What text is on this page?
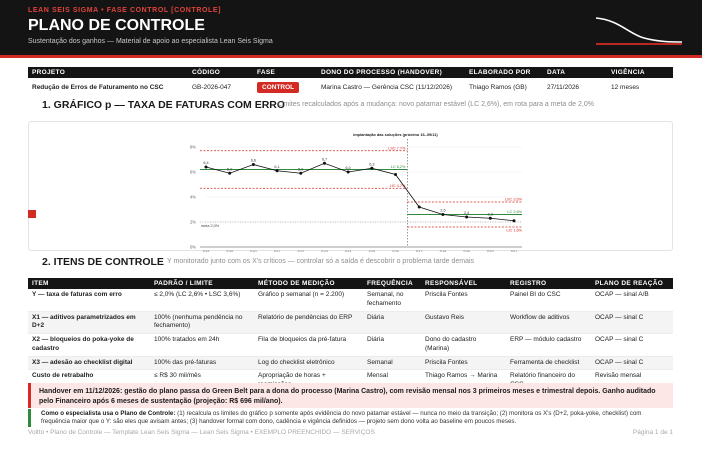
LEAN SEIS SIGMA • FASE CONTROL [CONTROLE]
PLANO DE CONTROLE
Sustentação dos ganhos — Material de apoio ao especialista Lean Seis Sigma
PROJETO	CÓDIGO	FASE	DONO DO PROCESSO (HANDOVER)	ELABORADO POR	DATA	VIGÊNCIA
Redução de Erros de Faturamento no CSC	GB-2026-047	CONTROL	Marina Castro — Gerência CSC (11/12/2026)	Thiago Ramos (GB)	27/11/2026	12 meses
1. GRÁFICO p — TAXA DE FATURAS COM ERRO
Limites recalculados após a mudança: novo patamar estável (LC 2,6%), em rota para a meta de 2,0%
8%
6%
4%
2%
0%
LSC 7,7%
LC 6,2%
LIC 4,7%
LSC 3,6%
LC 2,6%
LIC 1,6%
meta 2,0%
implantação das soluções (próximo 16–09/11)
6,4
S38
5,9
S39
6,6
S40
6,1
S41
5,9
S42
6,7
S43
6,0
S44
6,3
S45	S46	S47
2,6
S48
2,4
S49
2,3
S50	S51
2. ITENS DE CONTROLE Y monitorado junto com os X's críticos — controlar só a saída é descobrir o problema tarde demais
ITEM	PADRÃO / LIMITE	MÉTODO DE MEDIÇÃO	FREQUÊNCIA	RESPONSÁVEL	REGISTRO	PLANO DE REAÇÃO
Y — taxa de faturas com erro	≤ 2,0% (LC 2,6% • LSC 3,6%)	Gráfico p semanal (n = 2.200)	Semanal, no fechamento	Priscila Fontes	Painel BI do CSC	OCAP — sinal A/B
X1 — aditivos parametrizados em D+2	100% (nenhuma pendência no fechamento)	Relatório de pendências do ERP	Diária	Gustavo Reis	Workflow de aditivos	OCAP — sinal C
X2 — bloqueios do poka-yoke de cadastro	100% tratados em 24h	Fila de bloqueios da pré-fatura	Diária	Dono do cadastro (Marina)	ERP — módulo cadastro	OCAP — sinal C
X3 — adesão ao checklist digital	100% das pré-faturas	Log do checklist eletrônico	Semanal	Priscila Fontes	Ferramenta de checklist	OCAP — sinal C
Custo de retrabalho	≤ R$ 30 mil/mês	Apropriação de horas +	Mensal	Thiago Ramos → Marina	Relatório financeiro do	Revisão mensal
Handover em 11/12/2026: gestão do plano passa do Green Belt para a dona do processo (Marina Castro), com revisão mensal nos 3 primeiros meses e trimestral depois. Ganho auditado pelo Financeiro após 6 meses de sustentação (projeção: R$ 696 mil/ano).
Como o especialista usa o Plano de Controle: (1) recalcula os limites do gráfico p somente após evidência do novo patamar estável — nunca no meio da transição; (2) monitora os X's (D+2, poka-yoke, checklist) com frequência maior que o Y: são eles que avisam antes; (3) handover formal com dono, cadência e vigência definidos — projeto sem dono volta ao baseline em poucos meses.
Voltto • Plano de Controle — Template Lean Seis Sigma — Lean Seis Sigma • EXEMPLO PREENCHIDO — SERVIÇOS	Página 1 de 1
